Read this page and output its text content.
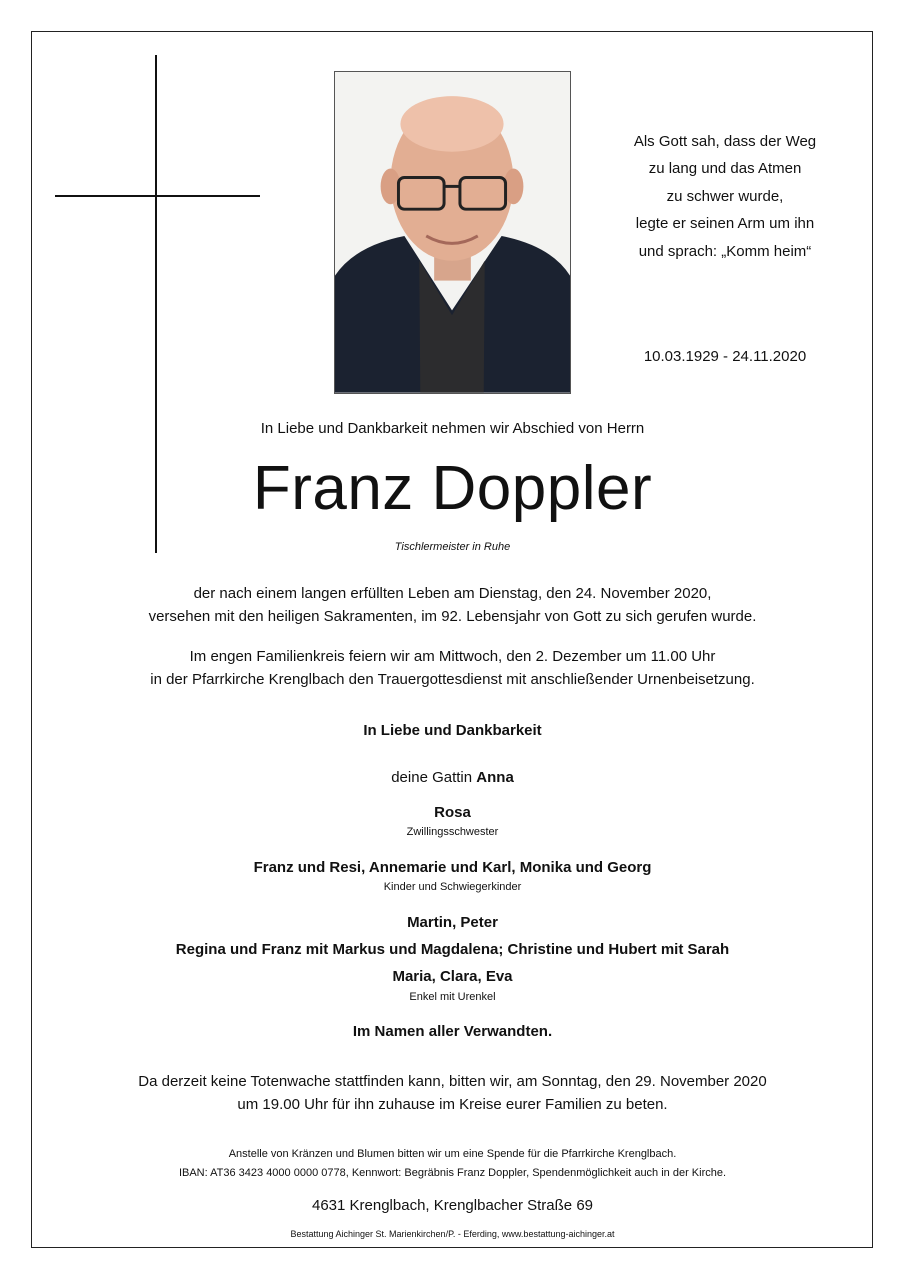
Als Gott sah, dass der Weg
zu lang und das Atmen
zu schwer wurde,
legte er seinen Arm um ihn
und sprach: „Komm heim“
10.03.1929 - 24.11.2020
In Liebe und Dankbarkeit nehmen wir Abschied von Herrn
Franz Doppler
Tischlermeister in Ruhe
der nach einem langen erfüllten Leben am Dienstag, den 24. November 2020,
versehen mit den heiligen Sakramenten, im 92. Lebensjahr von Gott zu sich gerufen wurde.
Im engen Familienkreis feiern wir am Mittwoch, den 2. Dezember um 11.00 Uhr
in der Pfarrkirche Krenglbach den Trauergottesdienst mit anschließender Urnenbeisetzung.
In Liebe und Dankbarkeit
deine Gattin Anna
Rosa
Zwillingsschwester
Franz und Resi, Annemarie und Karl, Monika und Georg
Kinder und Schwiegerkinder
Martin, Peter
Regina und Franz mit Markus und Magdalena; Christine und Hubert mit Sarah
Maria, Clara, Eva
Enkel mit Urenkel
Im Namen aller Verwandten.
Da derzeit keine Totenwache stattfinden kann, bitten wir, am Sonntag, den 29. November 2020
um 19.00 Uhr für ihn zuhause im Kreise eurer Familien zu beten.
Anstelle von Kränzen und Blumen bitten wir um eine Spende für die Pfarrkirche Krenglbach.
IBAN: AT36 3423 4000 0000 0778, Kennwort: Begräbnis Franz Doppler, Spendenmöglichkeit auch in der Kirche.
4631 Krenglbach, Krenglbacher Straße 69
Bestattung Aichinger St. Marienkirchen/P. - Eferding, www.bestattung-aichinger.at
